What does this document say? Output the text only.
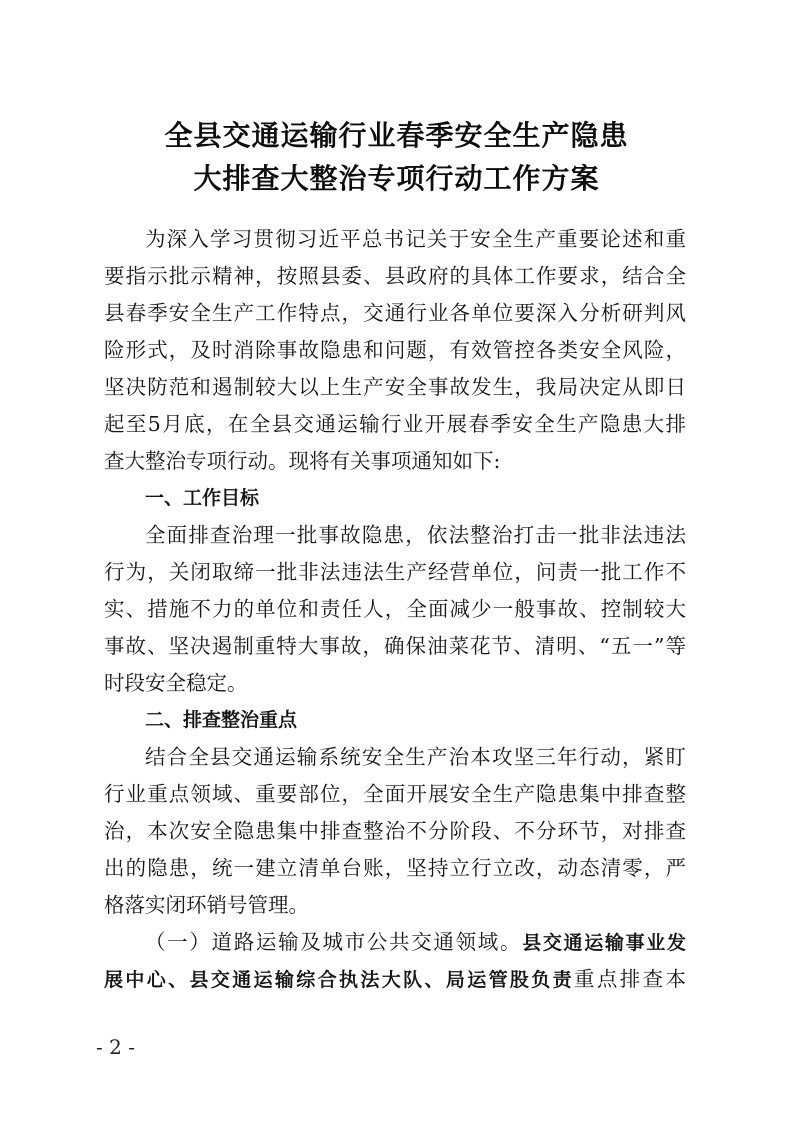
全县交通运输行业春季安全生产隐患
大排查大整治专项行动工作方案
为深入学习贯彻习近平总书记关于安全生产重要论述和重
要指示批示精神，按照县委、县政府的具体工作要求，结合全
县春季安全生产工作特点，交通行业各单位要深入分析研判风
险形式，及时消除事故隐患和问题，有效管控各类安全风险，
坚决防范和遏制较大以上生产安全事故发生，我局决定从即日
起至5月底，在全县交通运输行业开展春季安全生产隐患大排
查大整治专项行动。现将有关事项通知如下:
一、工作目标
全面排查治理一批事故隐患，依法整治打击一批非法违法
行为，关闭取缔一批非法违法生产经营单位，问责一批工作不
实、措施不力的单位和责任人，全面减少一般事故、控制较大
事故、坚决遏制重特大事故，确保油菜花节、清明、“五一”等
时段安全稳定。
二、排查整治重点
结合全县交通运输系统安全生产治本攻坚三年行动，紧盯
行业重点领域、重要部位，全面开展安全生产隐患集中排查整
治，本次安全隐患集中排查整治不分阶段、不分环节，对排查
出的隐患，统一建立清单台账，坚持立行立改，动态清零，严
格落实闭环销号管理。
（一）道路运输及城市公共交通领域。县交通运输事业发
展中心、县交通运输综合执法大队、局运管股负责重点排查本
- 2 -
